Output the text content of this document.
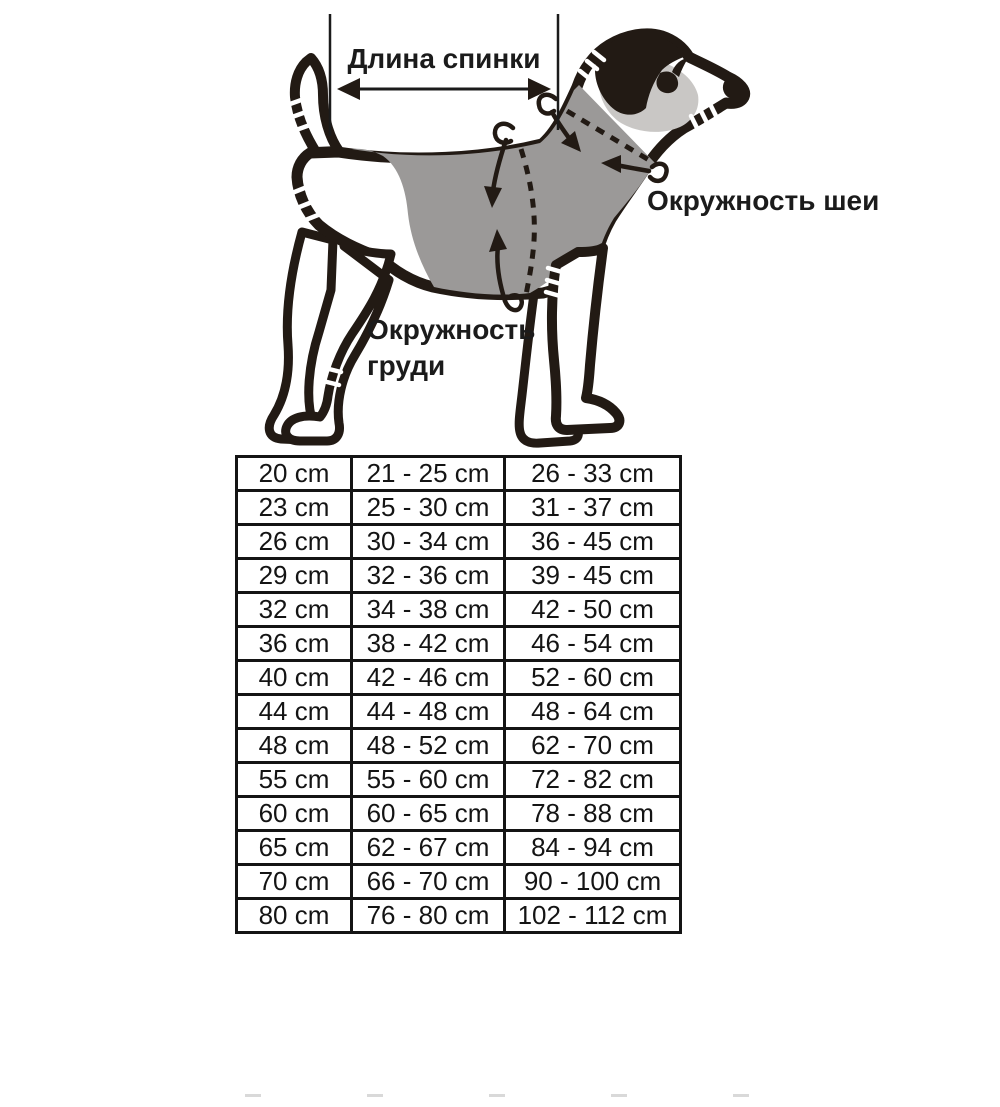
Длина спинки
Окружность шеи
Окружность груди
20 cm	21 - 25 cm	26 - 33 cm
23 cm	25 - 30 cm	31 - 37 cm
26 cm	30 - 34 cm	36 - 45 cm
29 cm	32 - 36 cm	39 - 45 cm
32 cm	34 - 38 cm	42 - 50 cm
36 cm	38 - 42 cm	46 - 54 cm
40 cm	42 - 46 cm	52 - 60 cm
44 cm	44 - 48 cm	48 - 64 cm
48 cm	48 - 52 cm	62 - 70 cm
55 cm	55 - 60 cm	72 - 82 cm
60 cm	60 - 65 cm	78 - 88 cm
65 cm	62 - 67 cm	84 - 94 cm
70 cm	66 - 70 cm	90 - 100 cm
80 cm	76 - 80 cm	102 - 112 cm
